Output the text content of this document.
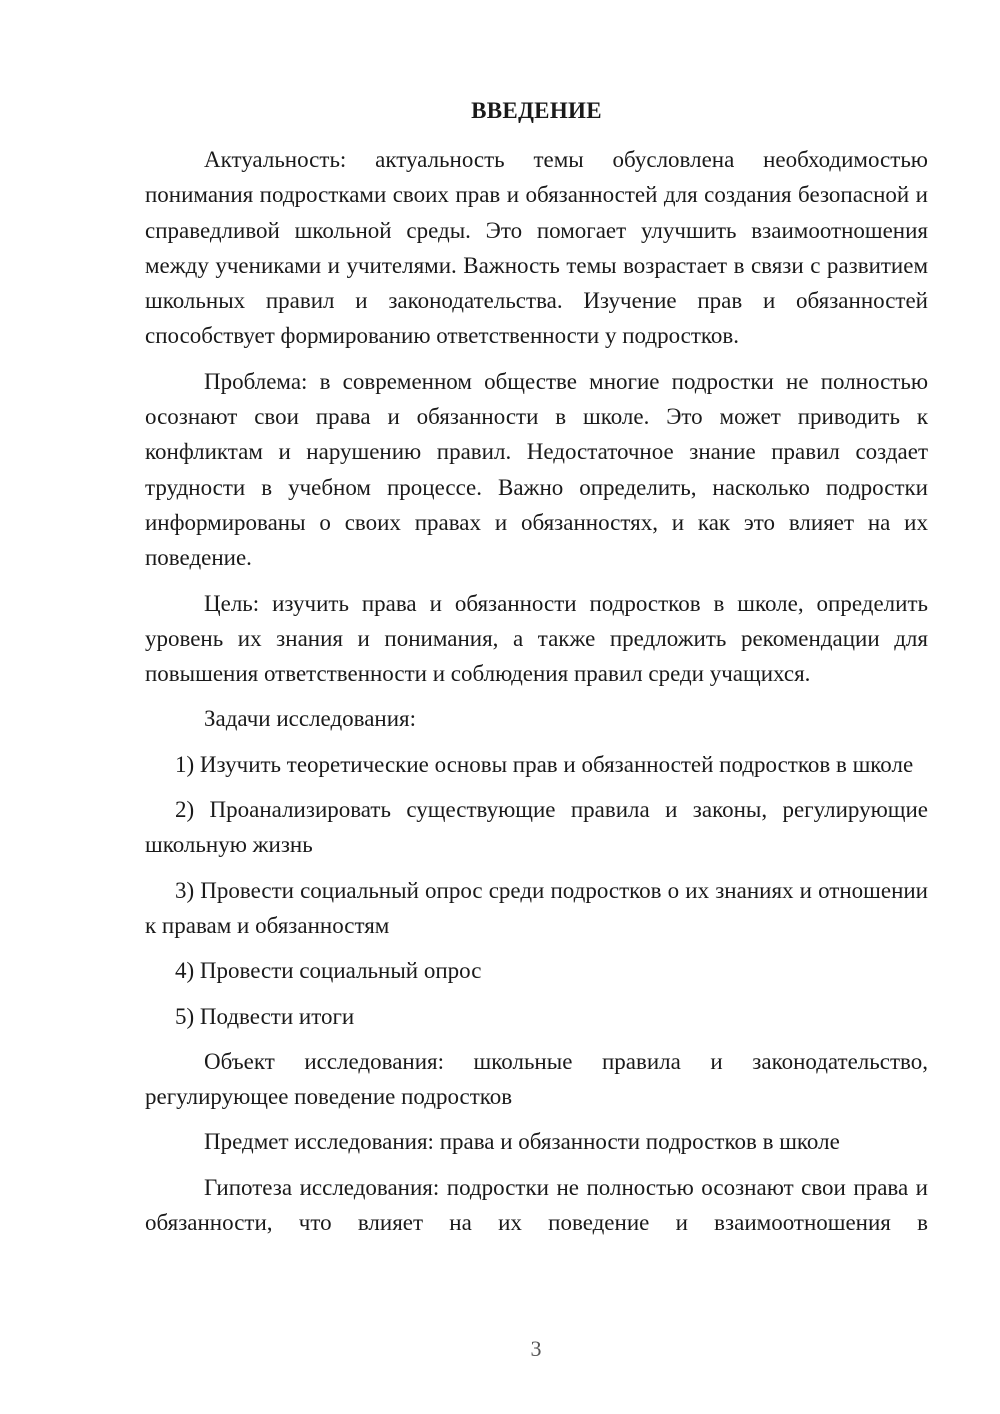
ВВЕДЕНИЕ

Актуальность: актуальность темы обусловлена необходимостью понимания подростками своих прав и обязанностей для создания безопасной и справедливой школьной среды. Это помогает улучшить взаимоотношения между учениками и учителями. Важность темы возрастает в связи с развитием школьных правил и законодательства. Изучение прав и обязанностей способствует формированию ответственности у подростков.

Проблема: в современном обществе многие подростки не полностью осознают свои права и обязанности в школе. Это может приводить к конфликтам и нарушению правил. Недостаточное знание правил создает трудности в учебном процессе. Важно определить, насколько подростки информированы о своих правах и обязанностях, и как это влияет на их поведение.

Цель: изучить права и обязанности подростков в школе, определить уровень их знания и понимания, а также предложить рекомендации для повышения ответственности и соблюдения правил среди учащихся.

Задачи исследования:

1) Изучить теоретические основы прав и обязанностей подростков в школе

2) Проанализировать существующие правила и законы, регулирующие школьную жизнь

3) Провести социальный опрос среди подростков о их знаниях и отношении к правам и обязанностям

4) Провести социальный опрос

5) Подвести итоги

Объект исследования: школьные правила и законодательство, регулирующее поведение подростков

Предмет исследования: права и обязанности подростков в школе

Гипотеза исследования: подростки не полностью осознают свои права и обязанности, что влияет на их поведение и взаимоотношения в

3
